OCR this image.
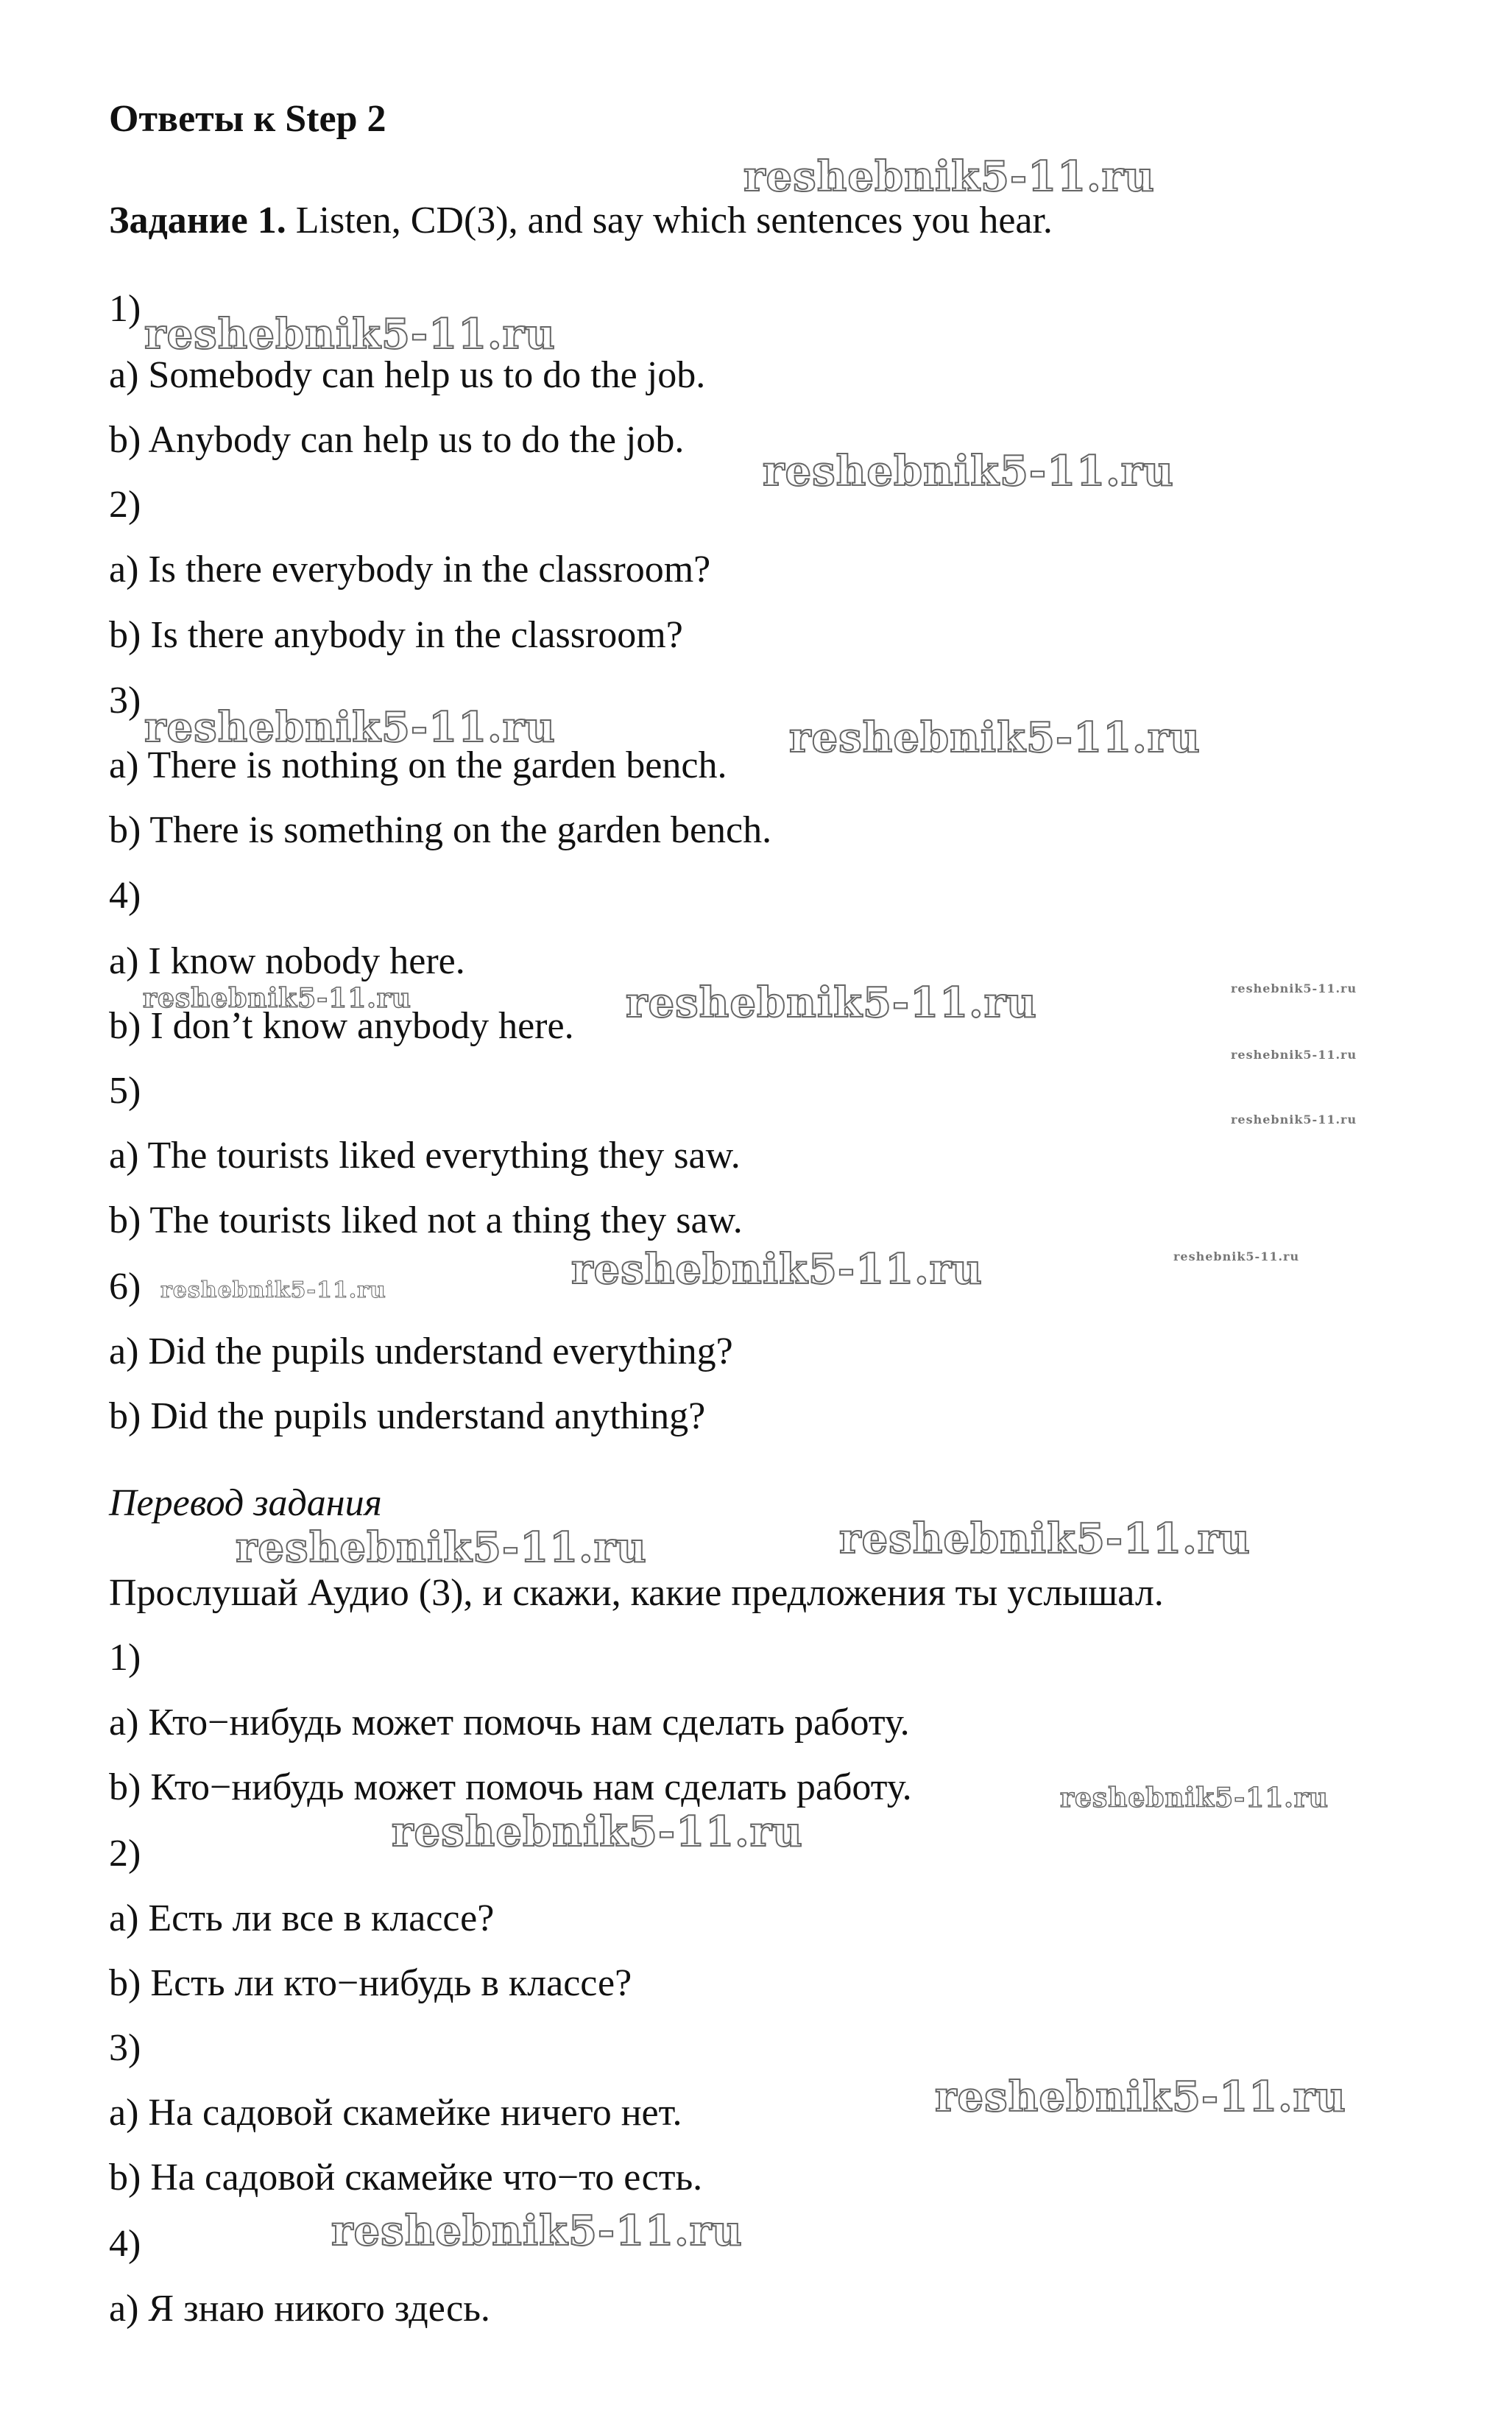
Ответы к Step 2
Задание 1. Listen, CD(3), and say which sentences you hear.
1)
a) Somebody can help us to do the job.
b) Anybody can help us to do the job.
2)
a) Is there everybody in the classroom?
b) Is there anybody in the classroom?
3)
a) There is nothing on the garden bench.
b) There is something on the garden bench.
4)
a) I know nobody here.
b) I don’t know anybody here.
5)
a) The tourists liked everything they saw.
b) The tourists liked not a thing they saw.
6)
a) Did the pupils understand everything?
b) Did the pupils understand anything?
Перевод задания
Прослушай Аудио (3), и скажи, какие предложения ты услышал.
1)
a) Кто−нибудь может помочь нам сделать работу.
b) Кто−нибудь может помочь нам сделать работу.
2)
a) Есть ли все в классе?
b) Есть ли кто−нибудь в классе?
3)
a) На садовой скамейке ничего нет.
b) На садовой скамейке что−то есть.
4)
a) Я знаю никого здесь.
reshebnik5-11.ru
reshebnik5-11.ru
reshebnik5-11.ru
reshebnik5-11.ru	reshebnik5-11.ru
reshebnik5-11.ru	reshebnik5-11.ru	reshebnik5-11.ru
reshebnik5-11.ru
reshebnik5-11.ru
reshebnik5-11.ru
reshebnik5-11.ru
reshebnik5-11.ru
reshebnik5-11.ru	reshebnik5-11.ru
reshebnik5-11.ru
reshebnik5-11.ru
reshebnik5-11.ru
reshebnik5-11.ru
